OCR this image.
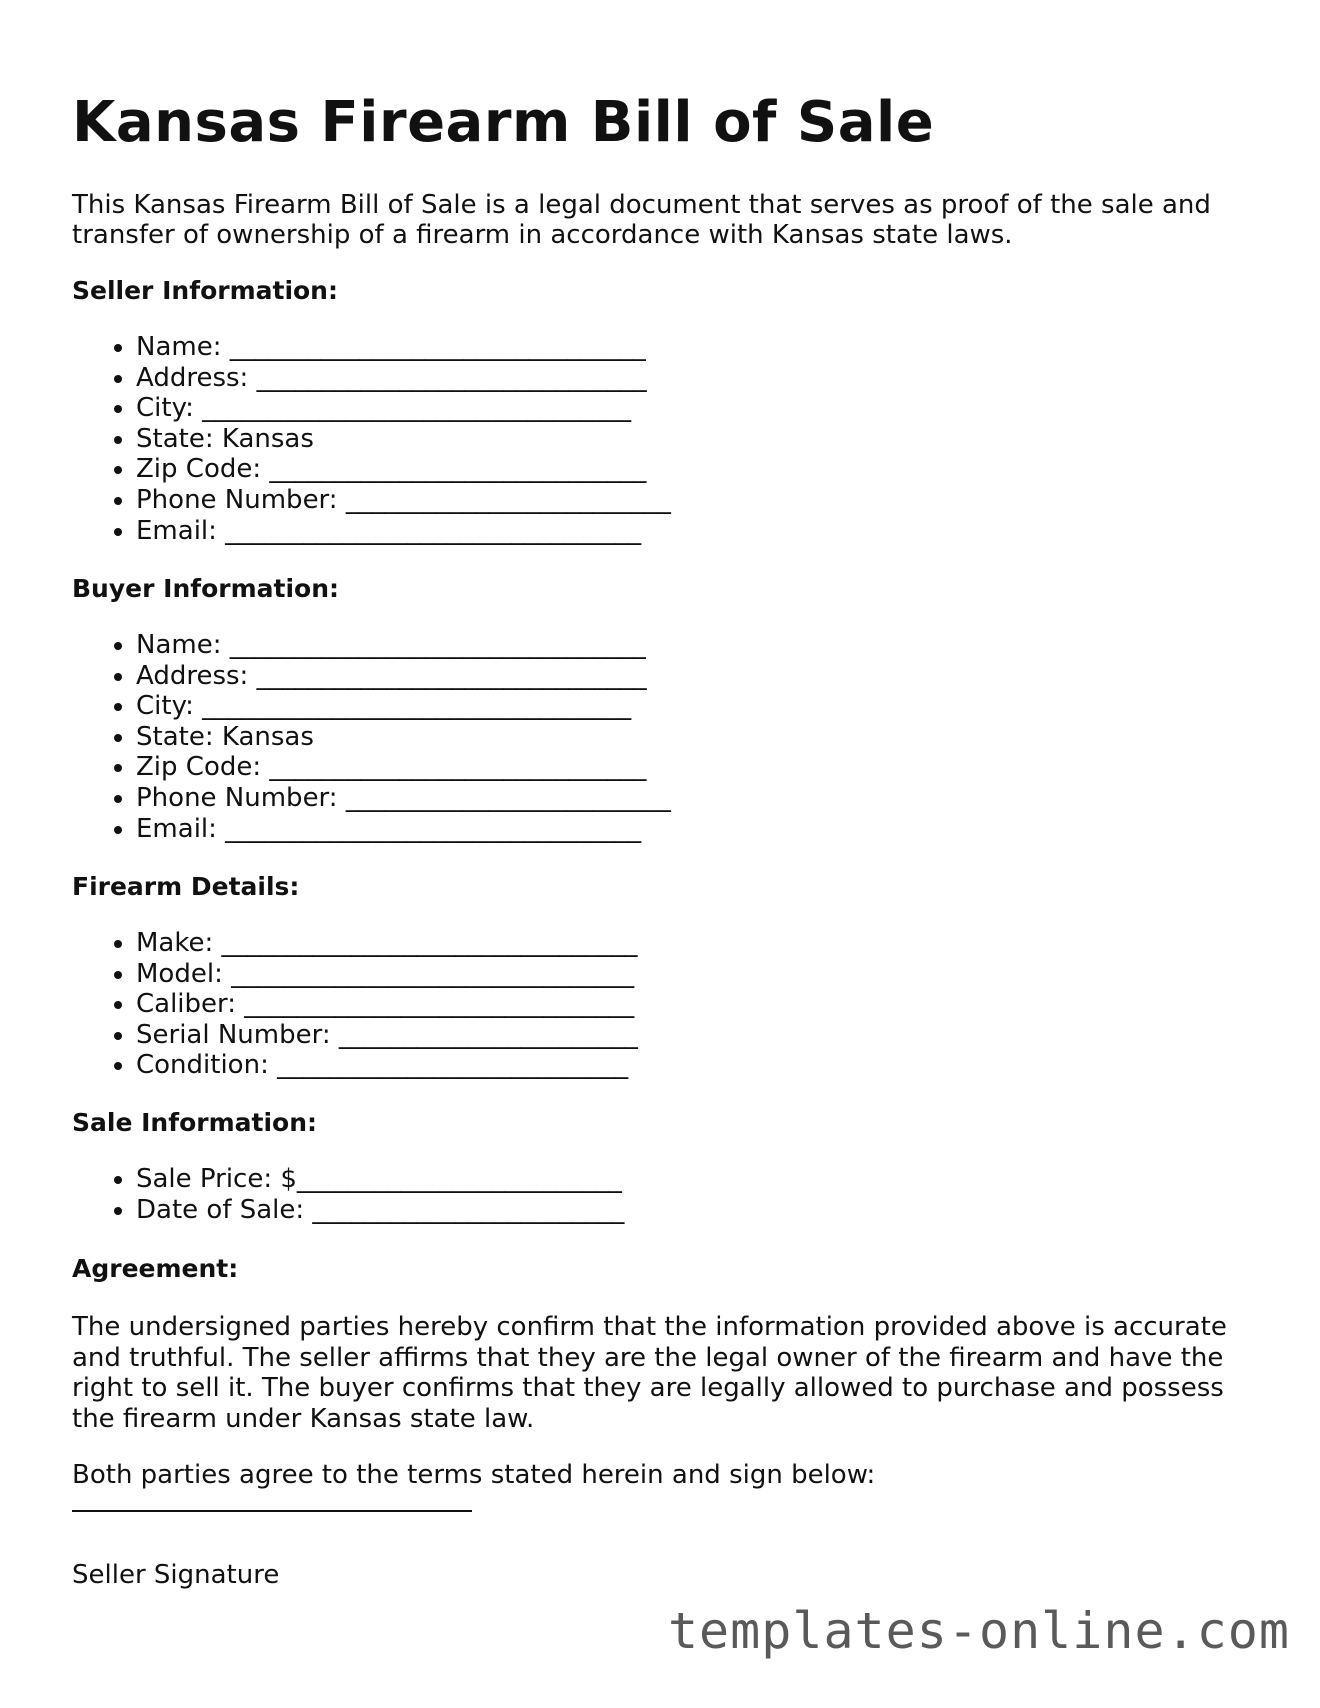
Kansas Firearm Bill of Sale

This Kansas Firearm Bill of Sale is a legal document that serves as proof of the sale and transfer of ownership of a firearm in accordance with Kansas state laws.

Seller Information:
• Name: ________________________________
• Address: ______________________________
• City: _________________________________
• State: Kansas
• Zip Code: _____________________________
• Phone Number: _________________________
• Email: ________________________________
Buyer Information:
• Name: ________________________________
• Address: ______________________________
• City: _________________________________
• State: Kansas
• Zip Code: _____________________________
• Phone Number: _________________________
• Email: ________________________________
Firearm Details:
• Make: ________________________________
• Model: _______________________________
• Caliber: ______________________________
• Serial Number: _______________________
• Condition: ___________________________
Sale Information:
• Sale Price: $_________________________
• Date of Sale: ________________________
Agreement:

The undersigned parties hereby confirm that the information provided above is accurate and truthful. The seller affirms that they are the legal owner of the firearm and have the right to sell it. The buyer confirms that they are legally allowed to purchase and possess the firearm under Kansas state law.

Both parties agree to the terms stated herein and sign below:

Seller Signature

templates-online.com
